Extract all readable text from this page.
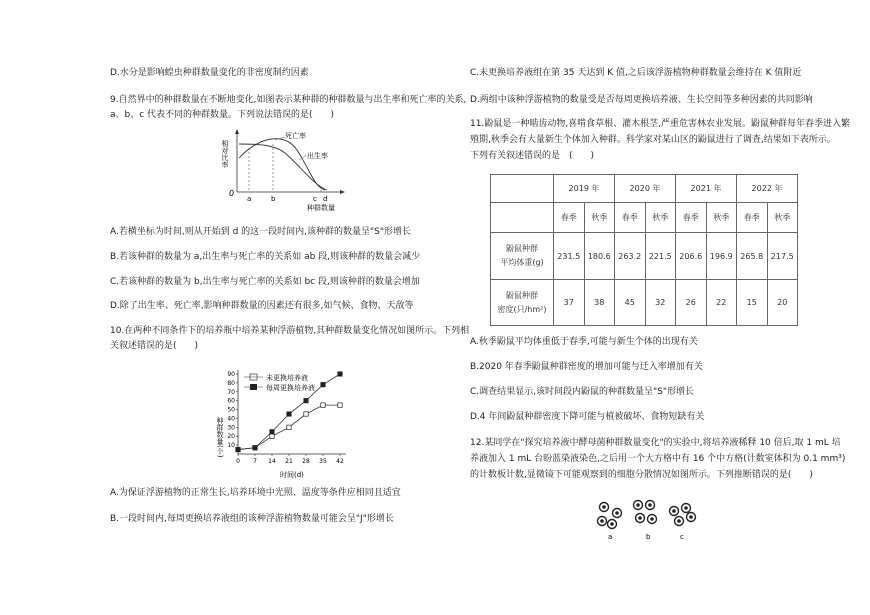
D.水分是影响蝗虫种群数量变化的非密度制约因素
9.自然界中的种群数量在不断地变化,如图表示某种群的种群数量与出生率和死亡率的关系,
a、b、c 代表不同的种群数量。下列说法错误的是(　　)
相对比率
0
死亡率
出生率
a	b	c d
种群数量
A.若横坐标为时间,则从开始到 d 的这一段时间内,该种群的数量呈"S"形增长
B.若该种群的数量为 a,出生率与死亡率的关系如 ab 段,则该种群的数量会减少
C.若该种群的数量为 b,出生率与死亡率的关系如 bc 段,则该种群的数量会增加
D.除了出生率、死亡率,影响种群数量的因素还有很多,如气候、食物、天敌等
10.在两种不同条件下的培养瓶中培养某种浮游植物,其种群数量变化情况如图所示。下列相
关叙述错误的是(　　)
种群数量(个)
时间(d)
未更换培养液
每周更换培养液
10
20
30
40
50
60
70
80
90
0 7 14 21 28 35 42
A.为保证浮游植物的正常生长,培养环境中光照、温度等条件应相同且适宜
B.一段时间内,每周更换培养液组的该种浮游植物数量可能会呈"J"形增长
C.未更换培养液组在第 35 天达到 K 值,之后该浮游植物种群数量会维持在 K 值附近
D.两组中该种浮游植物的数量受是否每周更换培养液、生长空间等多种因素的共同影响
11.鼢鼠是一种啮齿动物,喜啃食草根、灌木根茎,严重危害林农业发展。鼢鼠种群每年春季进入繁
殖期,秋季会有大量新生个体加入种群。科学家对某山区的鼢鼠进行了调查,结果如下表所示。
下列有关叙述错误的是　(　　)
	2019 年		2020 年		2021 年		2022 年	
	春季	秋季	春季	秋季	春季	秋季	春季	秋季
鼢鼠种群
平均体重(g)	231.5	180.6	263.2	221.5	206.6	196.9	265.8	217.5
鼢鼠种群
密度(只/hm²)	37	38	45	32	26	22	15	20
A.秋季鼢鼠平均体重低于春季,可能与新生个体的出现有关
B.2020 年春季鼢鼠种群密度的增加可能与迁入率增加有关
C.调查结果显示,该时间段内鼢鼠的种群数量呈"S"形增长
D.4 年间鼢鼠种群密度下降可能与植被破坏、食物短缺有关
12.某同学在"探究培养液中酵母菌种群数量变化"的实验中,将培养液稀释 10 倍后,取 1 mL 培
养液加入 1 mL 台盼蓝染液染色,之后用一个大方格中有 16 个中方格(计数室体积为 0.1 mm³)
的计数板计数,显微镜下可能观察到的细胞分散情况如图所示。下列推断错误的是(　　)
a	b	c
